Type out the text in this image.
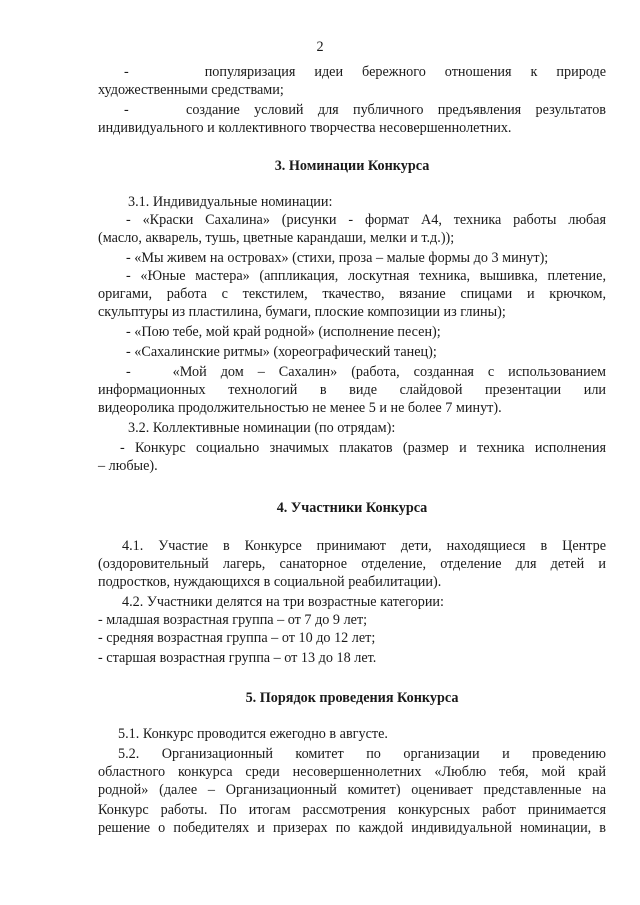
2
-    популяризация идеи бережного отношения к природе
художественными средствами;
-    создание условий для публичного предъявления результатов
индивидуального и коллективного творчества несовершеннолетних.
3. Номинации Конкурса
3.1. Индивидуальные номинации:
- «Краски Сахалина» (рисунки - формат А4, техника работы любая
(масло, акварель, тушь, цветные карандаши, мелки и т.д.));
- «Мы живем на островах» (стихи, проза – малые формы до 3 минут);
- «Юные мастера» (аппликация, лоскутная техника, вышивка, плетение,
оригами, работа с текстилем, ткачество, вязание спицами и крючком,
скульптуры из пластилина, бумаги, плоские композиции из глины);
- «Пою тебе, мой край родной» (исполнение песен);
- «Сахалинские ритмы» (хореографический танец);
-   «Мой дом – Сахалин» (работа, созданная с использованием
информационных технологий в виде слайдовой презентации или
видеоролика продолжительностью не менее 5 и не более 7 минут).
3.2. Коллективные номинации (по отрядам):
- Конкурс социально значимых плакатов (размер и техника исполнения
– любые).
4. Участники Конкурса
4.1. Участие в Конкурсе принимают дети, находящиеся в Центре
(оздоровительный лагерь, санаторное отделение, отделение для детей и
подростков, нуждающихся в социальной реабилитации).
4.2. Участники делятся на три возрастные категории:
- младшая возрастная группа – от 7 до 9 лет;
- средняя возрастная группа – от 10 до 12 лет;
- старшая возрастная группа – от 13 до 18 лет.
5. Порядок проведения Конкурса
5.1. Конкурс проводится ежегодно в августе.
5.2. Организационный комитет по организации и проведению
областного конкурса среди несовершеннолетних «Люблю тебя, мой край
родной» (далее – Организационный комитет) оценивает представленные на
Конкурс работы. По итогам рассмотрения конкурсных работ принимается
решение о победителях и призерах по каждой индивидуальной номинации, в
